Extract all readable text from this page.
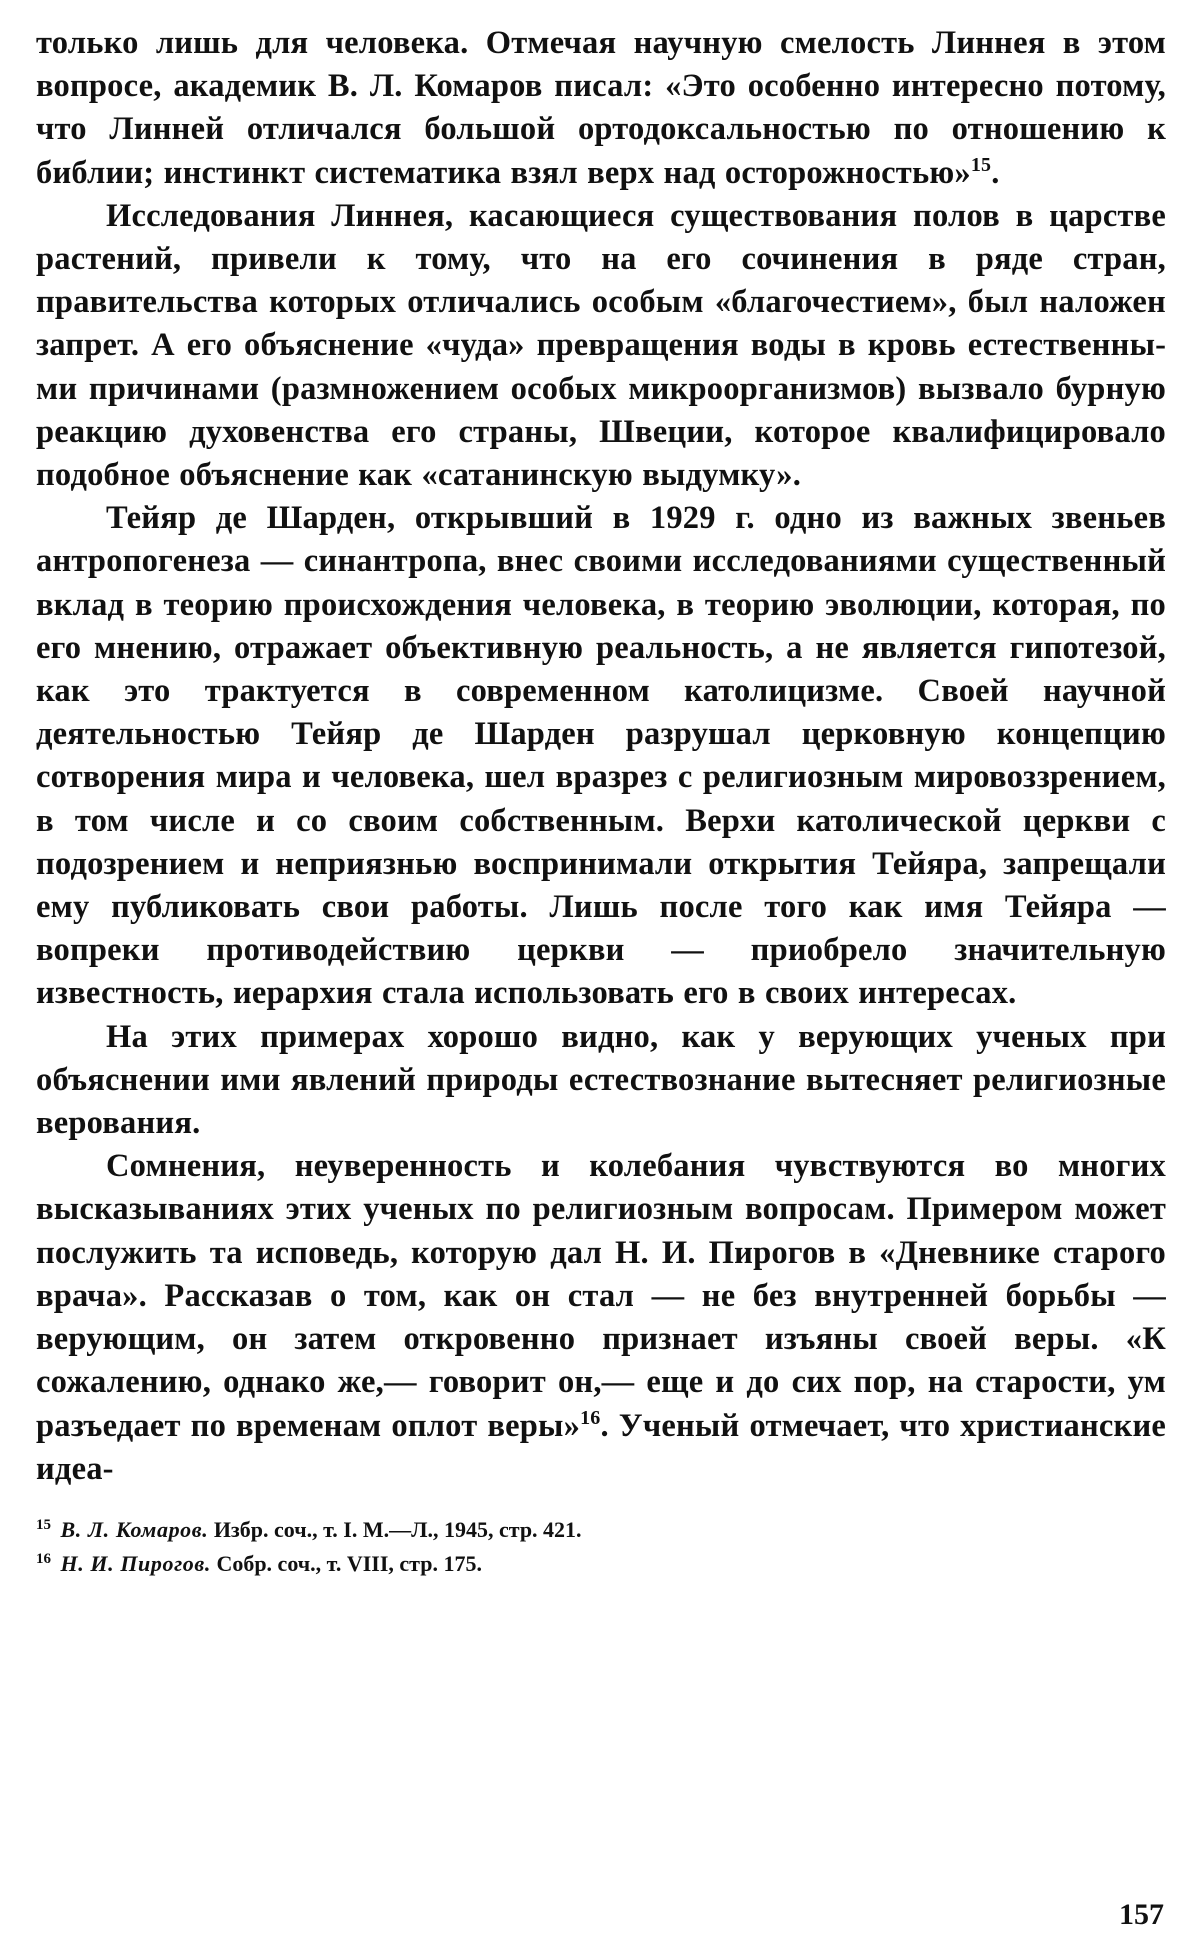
только лишь для человека. Отмечая научную смелость Линнея в этом вопросе, академик В. Л. Комаров писал: «Это особенно интересно потому, что Линней отличался большой ортодоксальностью по отношению к библии; инстинкт систематика взял верх над осторожностью»$^{15}$.

Исследования Линнея, касающиеся существования полов в царстве растений, привели к тому, что на его сочинения в ряде стран, правительства которых отличались особым «благочестием», был наложен запрет. А его объяснение «чуда» превращения воды в кровь естественными причинами (размножением особых микроорганизмов) вызвало бурную реакцию духовенства его страны, Швеции, которое квалифицировало подобное объяснение как «сатанинскую выдумку».

Тейяр де Шарден, открывший в 1929 г. одно из важных звеньев антропогенеза — синантропа, внес своими исследованиями существенный вклад в теорию происхождения человека, в теорию эволюции, которая, по его мнению, отражает объективную реальность, а не является гипотезой, как это трактуется в современном католицизме. Своей научной деятельностью Тейяр де Шарден разрушал церковную концепцию сотворения мира и человека, шел вразрез с религиозным мировоззрением, в том числе и со своим собственным. Верхи католической церкви с подозрением и неприязнью воспринимали открытия Тейяра, запрещали ему публиковать свои работы. Лишь после того как имя Тейяра — вопреки противодействию церкви — приобрело значительную известность, иерархия стала использовать его в своих интересах.

На этих примерах хорошо видно, как у верующих ученых при объяснении ими явлений природы естествознание вытесняет религиозные верования.

Сомнения, неуверенность и колебания чувствуются во многих высказываниях этих ученых по религиозным вопросам. Примером может послужить та исповедь, которую дал Н. И. Пирогов в «Дневнике старого врача». Рассказав о том, как он стал — не без внутренней борьбы — верующим, он затем откровенно признает изъяны своей веры. «К сожалению, однако же,— говорит он,— еще и до сих пор, на старости, ум разъедает по временам оплот веры»$^{16}$. Ученый отмечает, что христианские идеа-

$^{15}$ В. Л. Комаров. Избр. соч., т. I. М.—Л., 1945, стр. 421.

$^{16}$ Н. И. Пирогов. Собр. соч., т. VIII, стр. 175.

157
